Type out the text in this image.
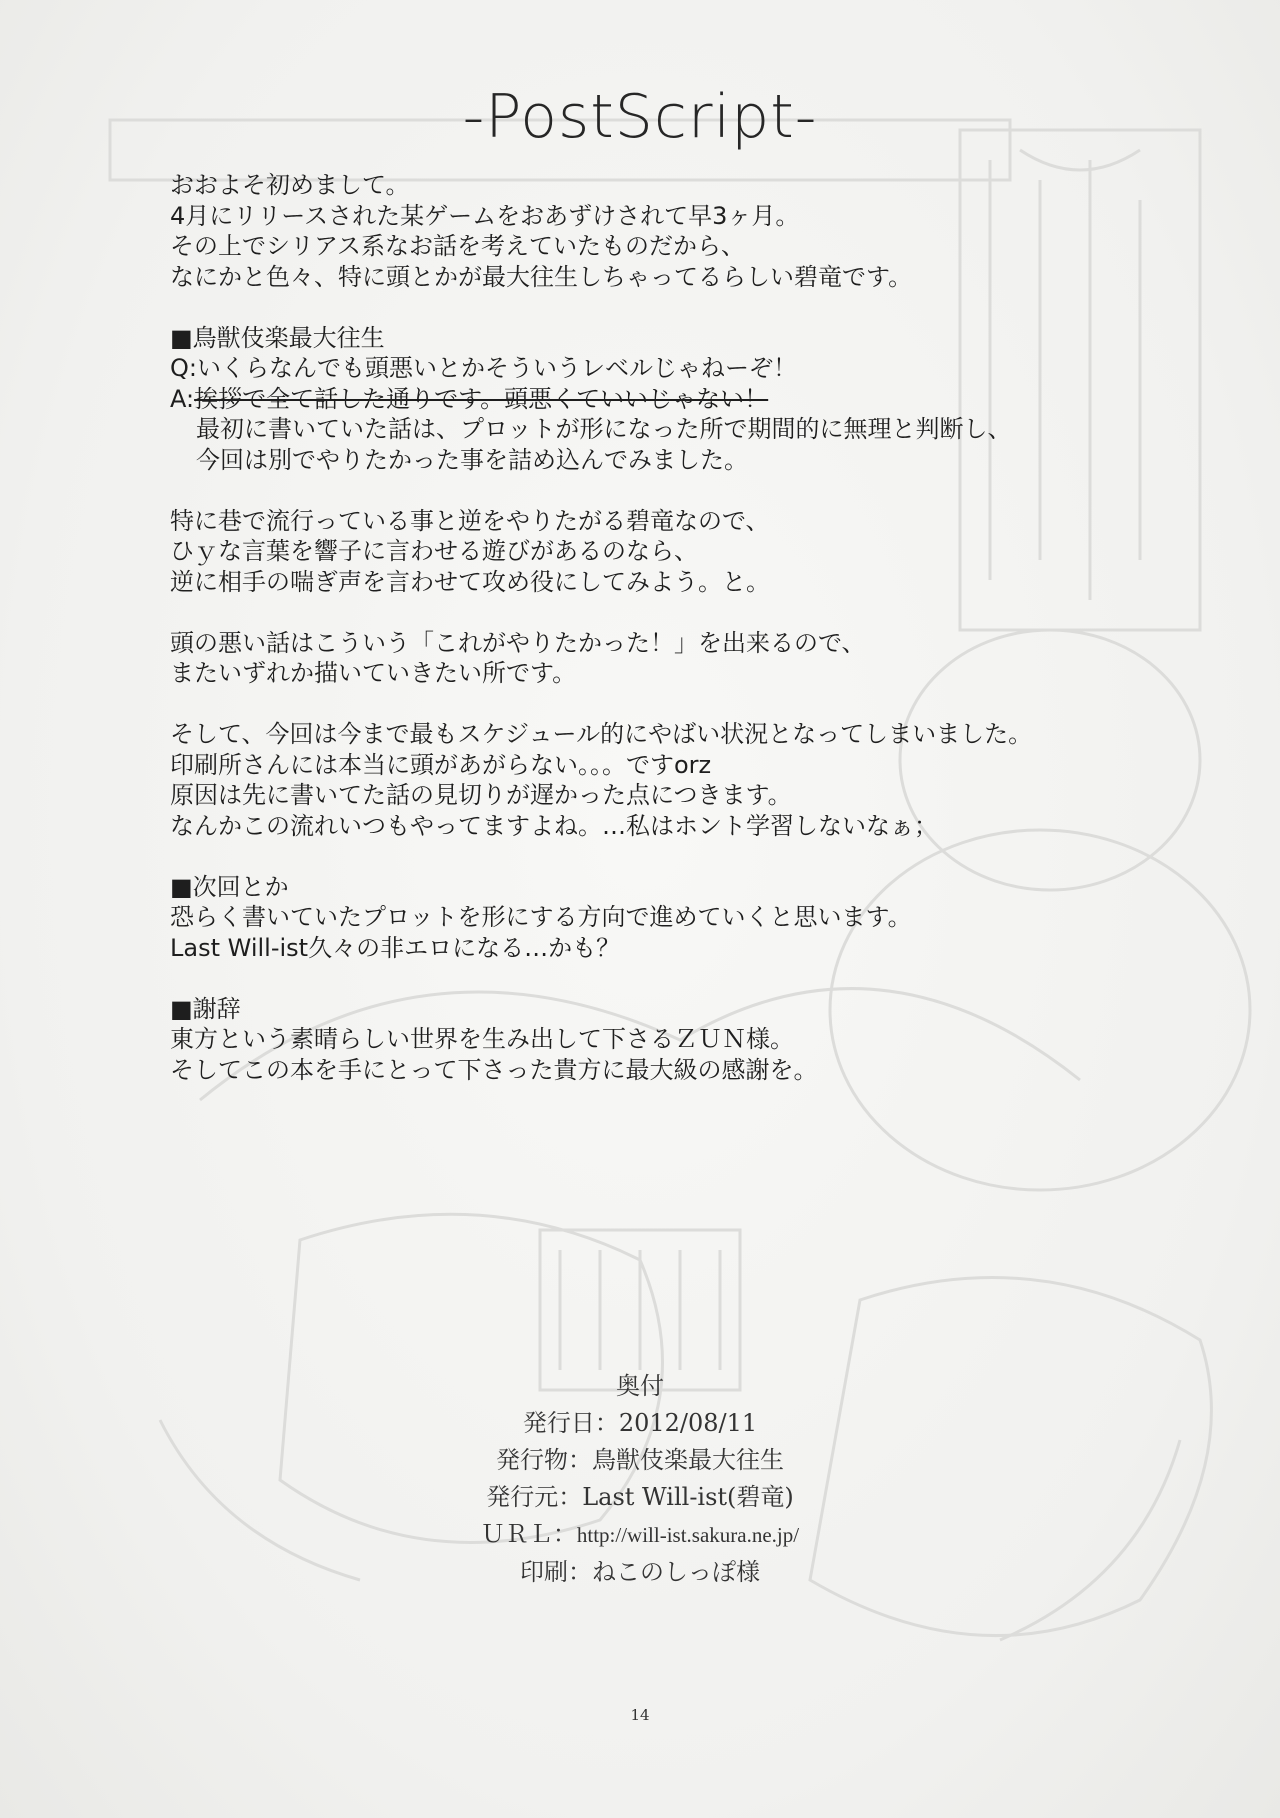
-PostScript-
おおよそ初めまして。
4月にリリースされた某ゲームをおあずけされて早3ヶ月。
その上でシリアス系なお話を考えていたものだから、
なにかと色々、特に頭とかが最大往生しちゃってるらしい碧竜です。
■鳥獣伎楽最大往生
Q:いくらなんでも頭悪いとかそういうレベルじゃねーぞ！
A:挨拶で全て話した通りです。頭悪くていいじゃない！
最初に書いていた話は、プロットが形になった所で期間的に無理と判断し、
今回は別でやりたかった事を詰め込んでみました。
特に巷で流行っている事と逆をやりたがる碧竜なので、
ひｙな言葉を響子に言わせる遊びがあるのなら、
逆に相手の喘ぎ声を言わせて攻め役にしてみよう。と。
頭の悪い話はこういう「これがやりたかった！」を出来るので、
またいずれか描いていきたい所です。
そして、今回は今まで最もスケジュール的にやばい状況となってしまいました。
印刷所さんには本当に頭があがらない。。。ですorz
原因は先に書いてた話の見切りが遅かった点につきます。
なんかこの流れいつもやってますよね。…私はホント学習しないなぁ；
■次回とか
恐らく書いていたプロットを形にする方向で進めていくと思います。
Last Will-ist久々の非エロになる…かも？
■謝辞
東方という素晴らしい世界を生み出して下さるＺＵＮ様。
そしてこの本を手にとって下さった貴方に最大級の感謝を。
奥付
発行日：2012/08/11
発行物：鳥獣伎楽最大往生
発行元：Last Will-ist(碧竜)
ＵＲＬ：http://will-ist.sakura.ne.jp/
印刷：ねこのしっぽ様
14
